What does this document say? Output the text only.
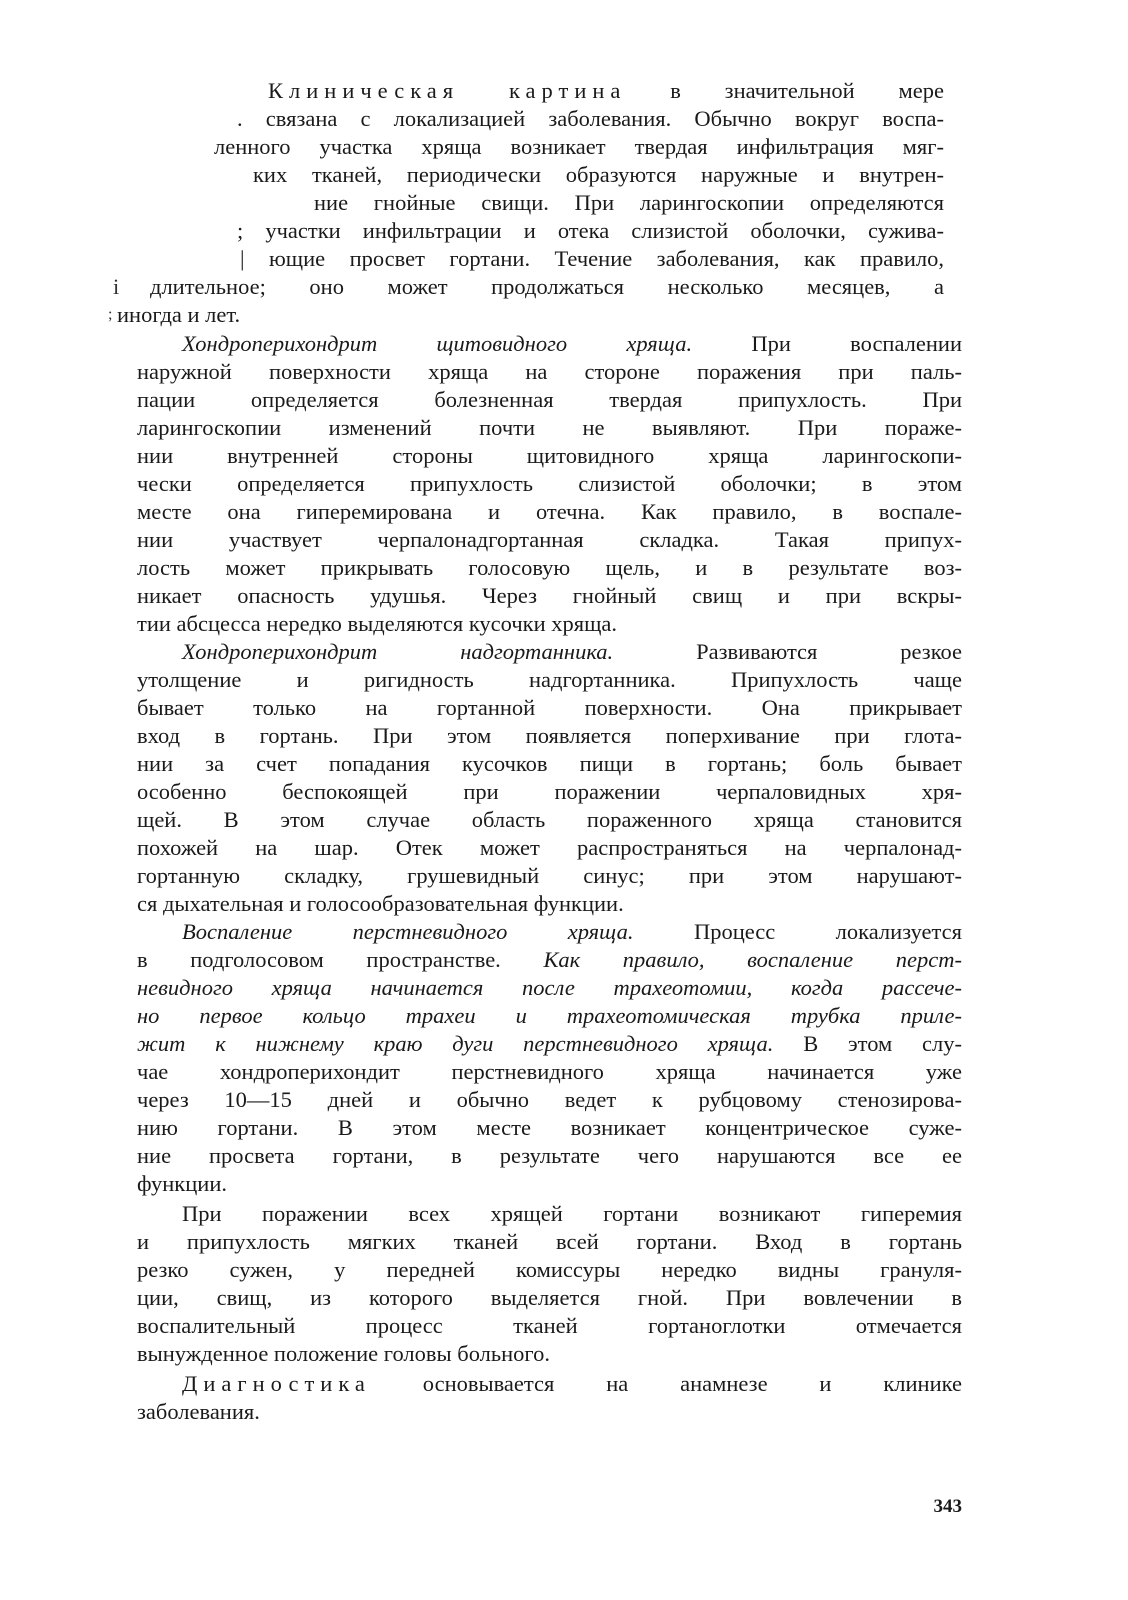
Клиническая картина в значительной мере
. связана с локализацией заболевания. Обычно вокруг воспа-
ленного участка хряща возникает твердая инфильтрация мяг-
ких тканей, периодически образуются наружные и внутрен-
ние гнойные свищи. При ларингоскопии определяются
; участки инфильтрации и отека слизистой оболочки, сужива-
| ющие просвет гортани. Течение заболевания, как правило,
i длительное; оно может продолжаться несколько месяцев, а
; иногда и лет.
Хондроперихондрит щитовидного хряща. При воспалении
наружной поверхности хряща на стороне поражения при паль-
пации определяется болезненная твердая припухлость. При
ларингоскопии изменений почти не выявляют. При пораже-
нии внутренней стороны щитовидного хряща ларингоскопи-
чески определяется припухлость слизистой оболочки; в этом
месте она гиперемирована и отечна. Как правило, в воспале-
нии участвует черпалонадгортанная складка. Такая припух-
лость может прикрывать голосовую щель, и в результате воз-
никает опасность удушья. Через гнойный свищ и при вскры-
тии абсцесса нередко выделяются кусочки хряща.
Хондроперихондрит надгортанника. Развиваются резкое
утолщение и ригидность надгортанника. Припухлость чаще
бывает только на гортанной поверхности. Она прикрывает
вход в гортань. При этом появляется поперхивание при глота-
нии за счет попадания кусочков пищи в гортань; боль бывает
особенно беспокоящей при поражении черпаловидных хря-
щей. В этом случае область пораженного хряща становится
похожей на шар. Отек может распространяться на черпалонад-
гортанную складку, грушевидный синус; при этом нарушают-
ся дыхательная и голосообразовательная функции.
Воспаление перстневидного хряща. Процесс локализуется
в подголосовом пространстве. Как правило, воспаление перст-
невидного хряща начинается после трахеотомии, когда рассече-
но первое кольцо трахеи и трахеотомическая трубка приле-
жит к нижнему краю дуги перстневидного хряща. В этом слу-
чае хондроперихондит перстневидного хряща начинается уже
через 10—15 дней и обычно ведет к рубцовому стенозирова-
нию гортани. В этом месте возникает концентрическое суже-
ние просвета гортани, в результате чего нарушаются все ее
функции.
При поражении всех хрящей гортани возникают гиперемия
и припухлость мягких тканей всей гортани. Вход в гортань
резко сужен, у передней комиссуры нередко видны грануля-
ции, свищ, из которого выделяется гной. При вовлечении в
воспалительный процесс тканей гортаноглотки отмечается
вынужденное положение головы больного.
Диагностика основывается на анамнезе и клинике
заболевания.
343
